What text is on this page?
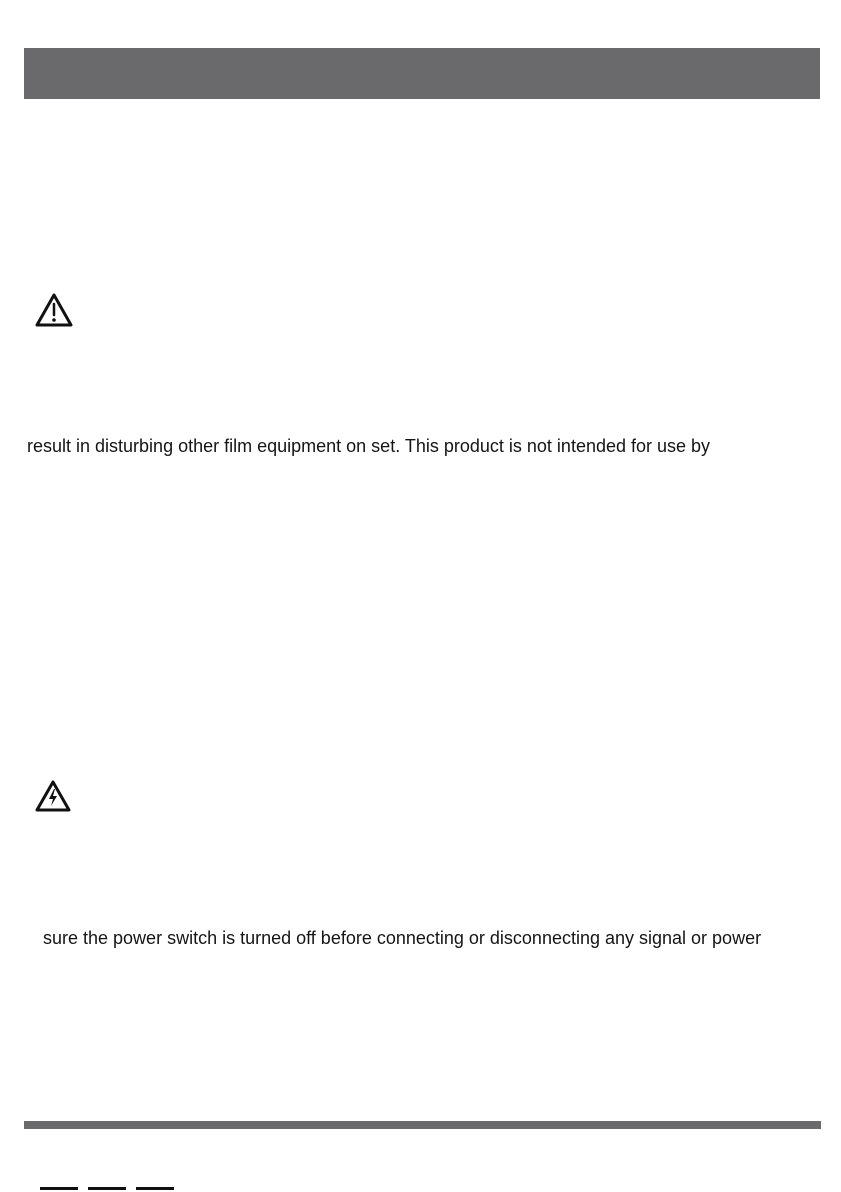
result in disturbing other film equipment on set. This product is not intended for use by
sure the power switch is turned off before connecting or disconnecting any signal or power
